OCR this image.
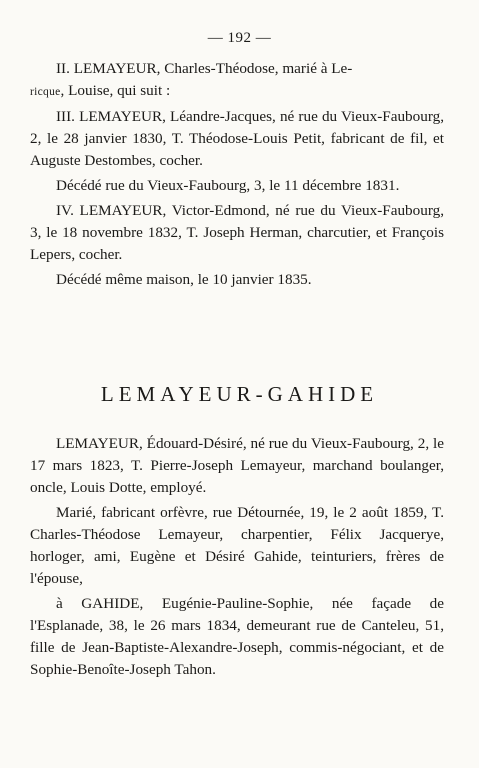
— 192 —

II. LEMAYEUR, Charles-Théodose, marié à Le-
ricque, Louise, qui suit :

III. LEMAYEUR, Léandre-Jacques, né rue du Vieux-Faubourg, 2, le 28 janvier 1830, T. Théodose-Louis Petit, fabricant de fil, et Auguste Destombes, cocher.

Décédé rue du Vieux-Faubourg, 3, le 11 décembre 1831.

IV. LEMAYEUR, Victor-Edmond, né rue du Vieux-Faubourg, 3, le 18 novembre 1832, T. Joseph Herman, charcutier, et François Lepers, cocher.

Décédé même maison, le 10 janvier 1835.

LEMAYEUR-GAHIDE

LEMAYEUR, Édouard-Désiré, né rue du Vieux-Faubourg, 2, le 17 mars 1823, T. Pierre-Joseph Lemayeur, marchand boulanger, oncle, Louis Dotte, employé.

Marié, fabricant orfèvre, rue Détournée, 19, le 2 août 1859, T. Charles-Théodose Lemayeur, charpentier, Félix Jacquerye, horloger, ami, Eugène et Désiré Gahide, teinturiers, frères de l'épouse,

à GAHIDE, Eugénie-Pauline-Sophie, née façade de l'Esplanade, 38, le 26 mars 1834, demeurant rue de Canteleu, 51, fille de Jean-Baptiste-Alexandre-Joseph, commis-négociant, et de Sophie-Benoîte-Joseph Tahon.
